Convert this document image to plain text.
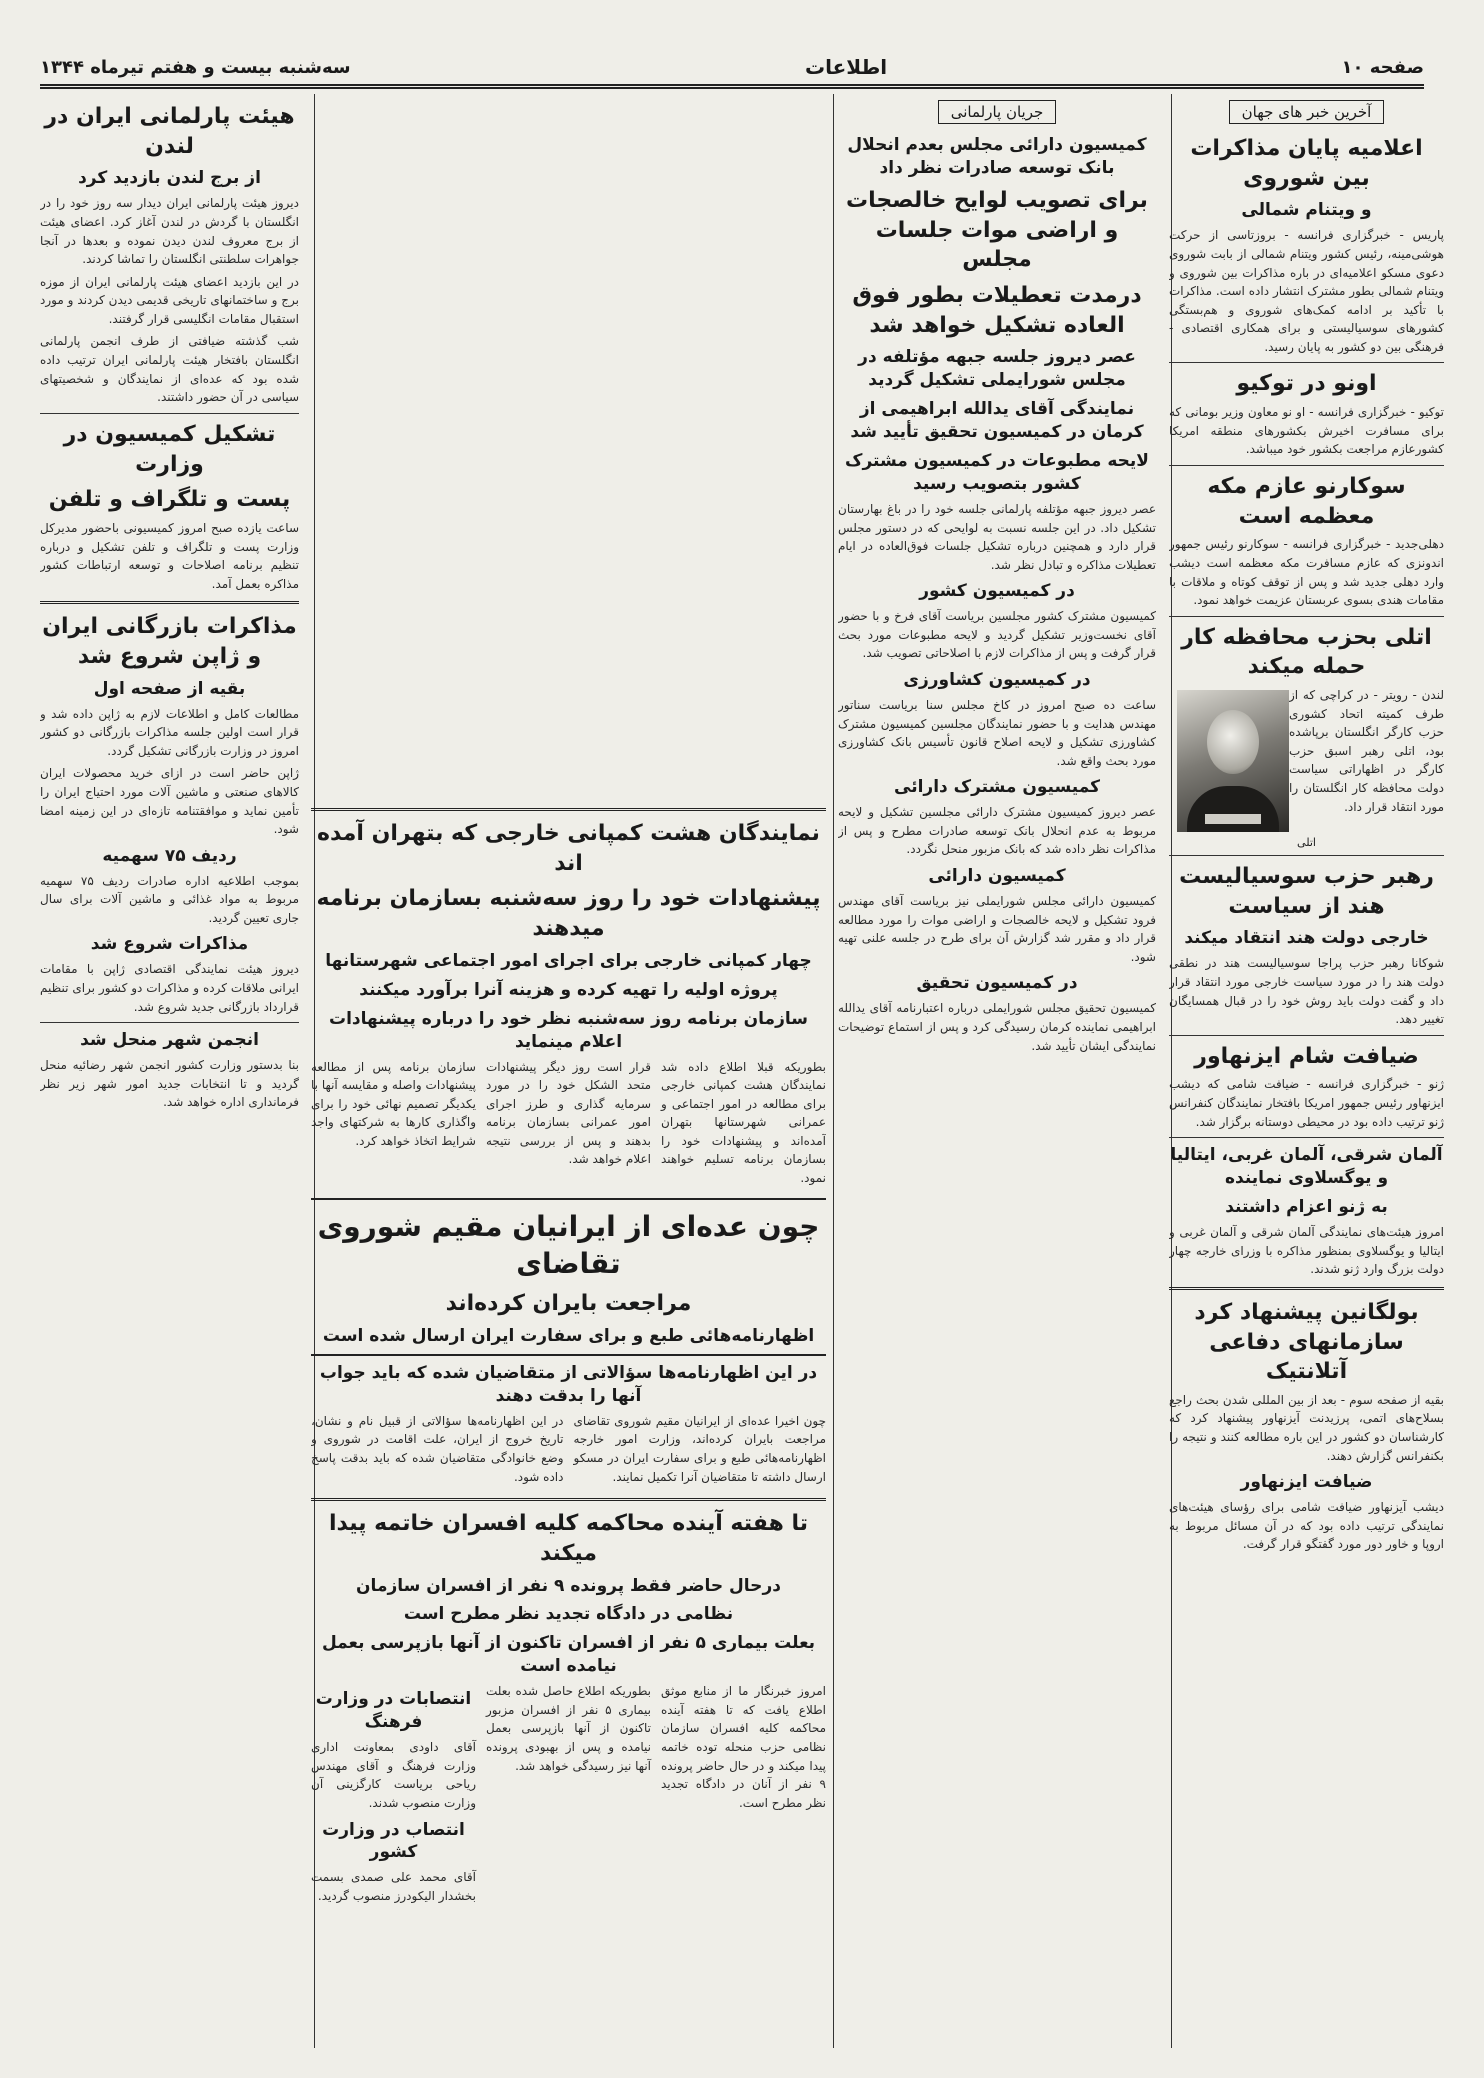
صفحه ۱۰
اطلاعات
سه‌شنبه بیست و هفتم تیرماه ۱۳۴۴
آخرین خبر های جهان
اعلامیه پایان مذاکرات بین شوروی
و ویتنام شمالی

پاریس - خبرگزاری فرانسه - بروزتاسی از حرکت هوشی‌مینه، رئیس کشور ویتنام شمالی از بابت شوروی دعوی مسکو اعلامیه‌ای در باره مذاکرات بین شوروی و ویتنام شمالی بطور مشترک انتشار داده است. مذاکرات با تأکید بر ادامه کمک‌های شوروی و هم‌بستگی کشورهای سوسیالیستی و برای همکاری اقتصادی - فرهنگی بین دو کشور به پایان رسید.

اونو در توکیو

توکیو - خبرگزاری فرانسه - او نو معاون وزیر بومانی که برای مسافرت اخیرش بکشورهای منطقه امریکا کشورعازم مراجعت بکشور خود میباشد.

سوکارنو عازم مکه معظمه است

دهلی‌جدید - خبرگزاری فرانسه - سوکارنو رئیس جمهور اندونزی که عازم مسافرت مکه معظمه است دیشب وارد دهلی جدید شد و پس از توقف کوتاه و ملاقات با مقامات هندی بسوی عربستان عزیمت خواهد نمود.

اتلی بحزب محافظه کار حمله میکند

لندن - رویتر - در کراچی که از طرف کمیته اتحاد کشوری حزب کارگر انگلستان برپاشده بود، اتلی رهبر اسبق حزب کارگر در اظهاراتی سیاست دولت محافظه کار انگلستان را مورد انتقاد قرار داد.

اتلی
رهبر حزب سوسیالیست هند از سیاست
خارجی دولت هند انتقاد میکند

شوکانا رهبر حزب پراجا سوسیالیست هند در نطقی دولت هند را در مورد سیاست خارجی مورد انتقاد قرار داد و گفت دولت باید روش خود را در قبال همسایگان تغییر دهد.

ضیافت شام ایزنهاور

ژنو - خبرگزاری فرانسه - ضیافت شامی که دیشب ایزنهاور رئیس جمهور امریکا بافتخار نمایندگان کنفرانس ژنو ترتیب داده بود در محیطی دوستانه برگزار شد.

آلمان شرقی، آلمان غربی، ایتالیا و یوگسلاوی نماینده
به ژنو اعزام داشتند

امروز هیئت‌های نمایندگی آلمان شرقی و آلمان غربی و ایتالیا و یوگسلاوی بمنظور مذاکره با وزرای خارجه چهار دولت بزرگ وارد ژنو شدند.

بولگانین پیشنهاد کرد سازمانهای دفاعی آتلانتیک

بقیه از صفحه سوم - بعد از بین المللی شدن بحث راجع بسلاح‌های اتمی، پرزیدنت آیزنهاور پیشنهاد کرد که کارشناسان دو کشور در این باره مطالعه کنند و نتیجه را بکنفرانس گزارش دهند.

ضیافت ایزنهاور

دیشب آیزنهاور ضیافت شامی برای رؤسای هیئت‌های نمایندگی ترتیب داده بود که در آن مسائل مربوط به اروپا و خاور دور مورد گفتگو قرار گرفت.

جریان پارلمانی
کمیسیون دارائی مجلس بعدم انحلال بانک توسعه صادرات نظر داد
برای تصویب لوایح خالصجات و اراضی موات جلسات مجلس
درمدت تعطیلات بطور فوق العاده تشکیل خواهد شد
عصر دیروز جلسه جبهه مؤتلفه در مجلس شورایملی تشکیل گردید
نمایندگی آقای یدالله ابراهیمی از کرمان در کمیسیون تحقیق تأیید شد
لایحه مطبوعات در کمیسیون مشترک کشور بتصویب رسید

عصر دیروز جبهه مؤتلفه پارلمانی جلسه خود را در باغ بهارستان تشکیل داد. در این جلسه نسبت به لوایحی که در دستور مجلس قرار دارد و همچنین درباره تشکیل جلسات فوق‌العاده در ایام تعطیلات مذاکره و تبادل نظر شد.

در کمیسیون کشور

کمیسیون مشترک کشور مجلسین بریاست آقای فرخ و با حضور آقای نخست‌وزیر تشکیل گردید و لایحه مطبوعات مورد بحث قرار گرفت و پس از مذاکرات لازم با اصلاحاتی تصویب شد.

در کمیسیون کشاورزی

ساعت ده صبح امروز در کاخ مجلس سنا بریاست سناتور مهندس هدایت و با حضور نمایندگان مجلسین کمیسیون مشترک کشاورزی تشکیل و لایحه اصلاح قانون تأسیس بانک کشاورزی مورد بحث واقع شد.

کمیسیون مشترک دارائی

عصر دیروز کمیسیون مشترک دارائی مجلسین تشکیل و لایحه مربوط به عدم انحلال بانک توسعه صادرات مطرح و پس از مذاکرات نظر داده شد که بانک مزبور منحل نگردد.

کمیسیون دارائی

کمیسیون دارائی مجلس شورایملی نیز بریاست آقای مهندس فرود تشکیل و لایحه خالصجات و اراضی موات را مورد مطالعه قرار داد و مقرر شد گزارش آن برای طرح در جلسه علنی تهیه شود.

در کمیسیون تحقیق

کمیسیون تحقیق مجلس شورایملی درباره اعتبارنامه آقای یدالله ابراهیمی نماینده کرمان رسیدگی کرد و پس از استماع توضیحات نمایندگی ایشان تأیید شد.

نمایندگان هشت کمپانی خارجی که بتهران آمده اند
پیشنهادات خود را روز سه‌شنبه بسازمان برنامه میدهند
چهار کمپانی خارجی برای اجرای امور اجتماعی شهرستانها
پروژه اولیه را تهیه کرده و هزینه آنرا برآورد میکنند
سازمان برنامه روز سه‌شنبه نظر خود را درباره پیشنهادات اعلام مینماید

بطوریکه قبلا اطلاع داده شد نمایندگان هشت کمپانی خارجی برای مطالعه در امور اجتماعی و عمرانی شهرستانها بتهران آمده‌اند و پیشنهادات خود را بسازمان برنامه تسلیم خواهند نمود.

قرار است روز دیگر پیشنهادات متحد الشکل خود را در مورد سرمایه گذاری و طرز اجرای امور عمرانی بسازمان برنامه بدهند و پس از بررسی نتیجه اعلام خواهد شد.

سازمان برنامه پس از مطالعه پیشنهادات واصله و مقایسه آنها با یکدیگر تصمیم نهائی خود را برای واگذاری کارها به شرکتهای واجد شرایط اتخاذ خواهد کرد.

چون عده‌ای از ایرانیان مقیم شوروی تقاضای
مراجعت بایران کرده‌اند
اظهارنامه‌هائی طبع و برای سفارت ایران ارسال شده است
در این اظهارنامه‌ها سؤالاتی از متقاضیان شده‌ که باید جواب آنها را بدقت دهند

چون اخیرا عده‌ای از ایرانیان مقیم شوروی تقاضای مراجعت بایران کرده‌اند، وزارت امور خارجه اظهارنامه‌هائی طبع و برای سفارت ایران در مسکو ارسال داشته تا متقاضیان آنرا تکمیل نمایند.

در این اظهارنامه‌ها سؤالاتی از قبیل نام و نشان، تاریخ خروج از ایران، علت اقامت در شوروی و وضع خانوادگی متقاضیان شده که باید بدقت پاسخ داده شود.

تا هفته آینده محاکمه کلیه افسران خاتمه پیدا میکند
درحال حاضر فقط پرونده ۹ نفر از افسران سازمان
نظامی در دادگاه تجدید نظر مطرح است
بعلت بیماری ۵ نفر از افسران تاکنون از آنها بازپرسی بعمل نیامده است

امروز خبرنگار ما از منابع موثق اطلاع یافت که تا هفته آینده محاکمه کلیه افسران سازمان نظامی حزب منحله توده خاتمه پیدا میکند و در حال حاضر پرونده ۹ نفر از آنان در دادگاه تجدید نظر مطرح است.

بطوریکه اطلاع حاصل شده بعلت بیماری ۵ نفر از افسران مزبور تاکنون از آنها بازپرسی بعمل نیامده و پس از بهبودی پرونده آنها نیز رسیدگی خواهد شد.

انتصابات در وزارت فرهنگ

آقای داودی بمعاونت اداری وزارت فرهنگ و آقای مهندس ریاحی بریاست کارگزینی آن وزارت منصوب شدند.

انتصاب در وزارت کشور

آقای محمد علی صمدی بسمت بخشدار الیکودرز منصوب گردید.

هیئت پارلمانی ایران در لندن
از برج لندن بازدید کرد

دیروز هیئت پارلمانی ایران دیدار سه روز خود را در انگلستان با گردش در لندن آغاز کرد. اعضای هیئت از برج معروف لندن دیدن نموده و بعدها در آنجا جواهرات سلطنتی انگلستان را تماشا کردند.

در این بازدید اعضای هیئت پارلمانی ایران از موزه برج و ساختمانهای تاریخی قدیمی دیدن کردند و مورد استقبال مقامات انگلیسی قرار گرفتند.

شب گذشته ضیافتی از طرف انجمن پارلمانی انگلستان بافتخار هیئت پارلمانی ایران ترتیب داده شده بود که عده‌ای از نمایندگان و شخصیتهای سیاسی در آن حضور داشتند.

تشکیل کمیسیون در وزارت
پست و تلگراف و تلفن

ساعت یازده صبح امروز کمیسیونی باحضور مدیرکل وزارت پست و تلگراف و تلفن تشکیل و درباره تنظیم برنامه اصلاحات و توسعه ارتباطات کشور مذاکره بعمل آمد.

مذاکرات بازرگانی ایران و ژاپن شروع شد
بقیه از صفحه اول

مطالعات کامل و اطلاعات لازم به ژاپن داده شد و قرار است اولین جلسه مذاکرات بازرگانی دو کشور امروز در وزارت بازرگانی تشکیل گردد.

ژاپن حاضر است در ازای خرید محصولات ایران کالاهای صنعتی و ماشین آلات مورد احتیاج ایران را تأمین نماید و موافقتنامه تازه‌ای در این زمینه امضا شود.

ردیف ۷۵ سهمیه

بموجب اطلاعیه اداره صادرات ردیف ۷۵ سهمیه مربوط به مواد غذائی و ماشین آلات برای سال جاری تعیین گردید.

مذاکرات شروع شد

دیروز هیئت نمایندگی اقتصادی ژاپن با مقامات ایرانی ملاقات کرده و مذاکرات دو کشور برای تنظیم قرارداد بازرگانی جدید شروع شد.

انجمن شهر منحل شد

بنا بدستور وزارت کشور انجمن شهر رضائیه منحل گردید و تا انتخابات جدید امور شهر زیر نظر فرمانداری اداره خواهد شد.
